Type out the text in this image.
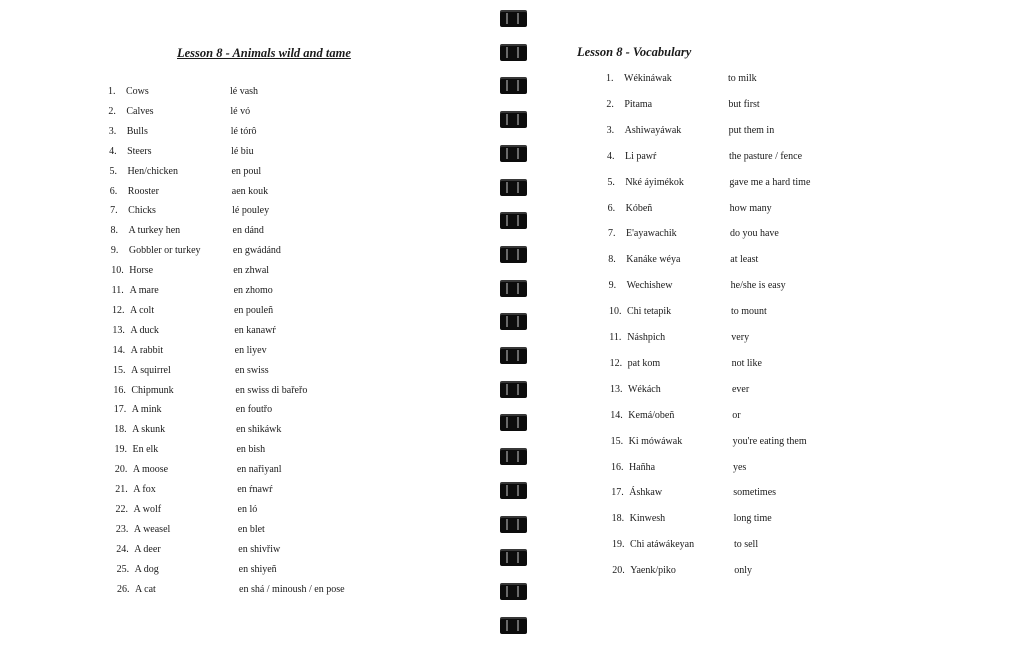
Lesson 8 - Animals wild and tame
1. Cows	lé vash
2. Calves	lé vó
3. Bulls	lé tórô
4. Steers	lé biu
5. Hen/chicken	en poul
6. Rooster	aen kouk
7. Chicks	lé pouley
8. A turkey hen	en dánd
9. Gobbler or turkey	en gwádánd
10. Horse	en zhwal
11. A mare	en zhomo
12. A colt	en pouleñ
13. A duck	en kanawŕ
14. A rabbit	en liyev
15. A squirrel	en swiss
16. Chipmunk	en swiss di bařeřo
17. A mink	en foutřo
18. A skunk	en shikáwk
19. En elk	en bish
20. A moose	en nařiyanl
21. A fox	en ŕnawŕ
22. A wolf	en ló
23. A weasel	en blet
24. A deer	en shivřiw
25. A dog	en shiyeñ
26. A cat	en shá / minoush / en pose
Lesson 8 - Vocabulary
1. Wékináwak	to milk
2. Pitama	but first
3. Ashiwayáwak	put them in
4. Li pawŕ	the pasture / fence
5. Nké áyimékok	gave me a hard time
6. Kóbeñ	how many
7. E'ayawachik	do you have
8. Kanáke wéya	at least
9. Wechishew	he/she is easy
10. Chi tetapik	to mount
11. Náshpich	very
12. pat kom	not like
13. Wékách	ever
14. Kemá/obeñ	or
15. Ki mówáwak	you're eating them
16. Hañha	yes
17. Áshkaw	sometimes
18. Kinwesh	long time
19. Chi atáwákeyan	to sell
20. Yaenk/piko	only
